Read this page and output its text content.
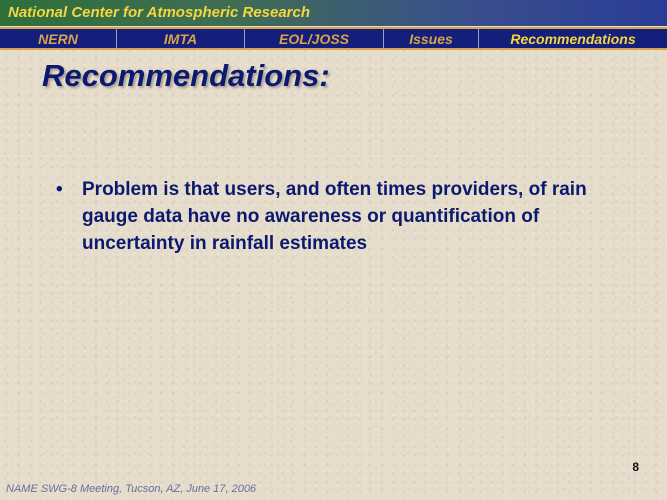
National Center for Atmospheric Research
NERN	IMTA	EOL/JOSS	Issues	Recommendations
Recommendations:
•	Problem is that users, and often times providers, of rain gauge data have no awareness or quantification of uncertainty in rainfall estimates
8
NAME SWG-8 Meeting, Tucson, AZ, June 17, 2006
